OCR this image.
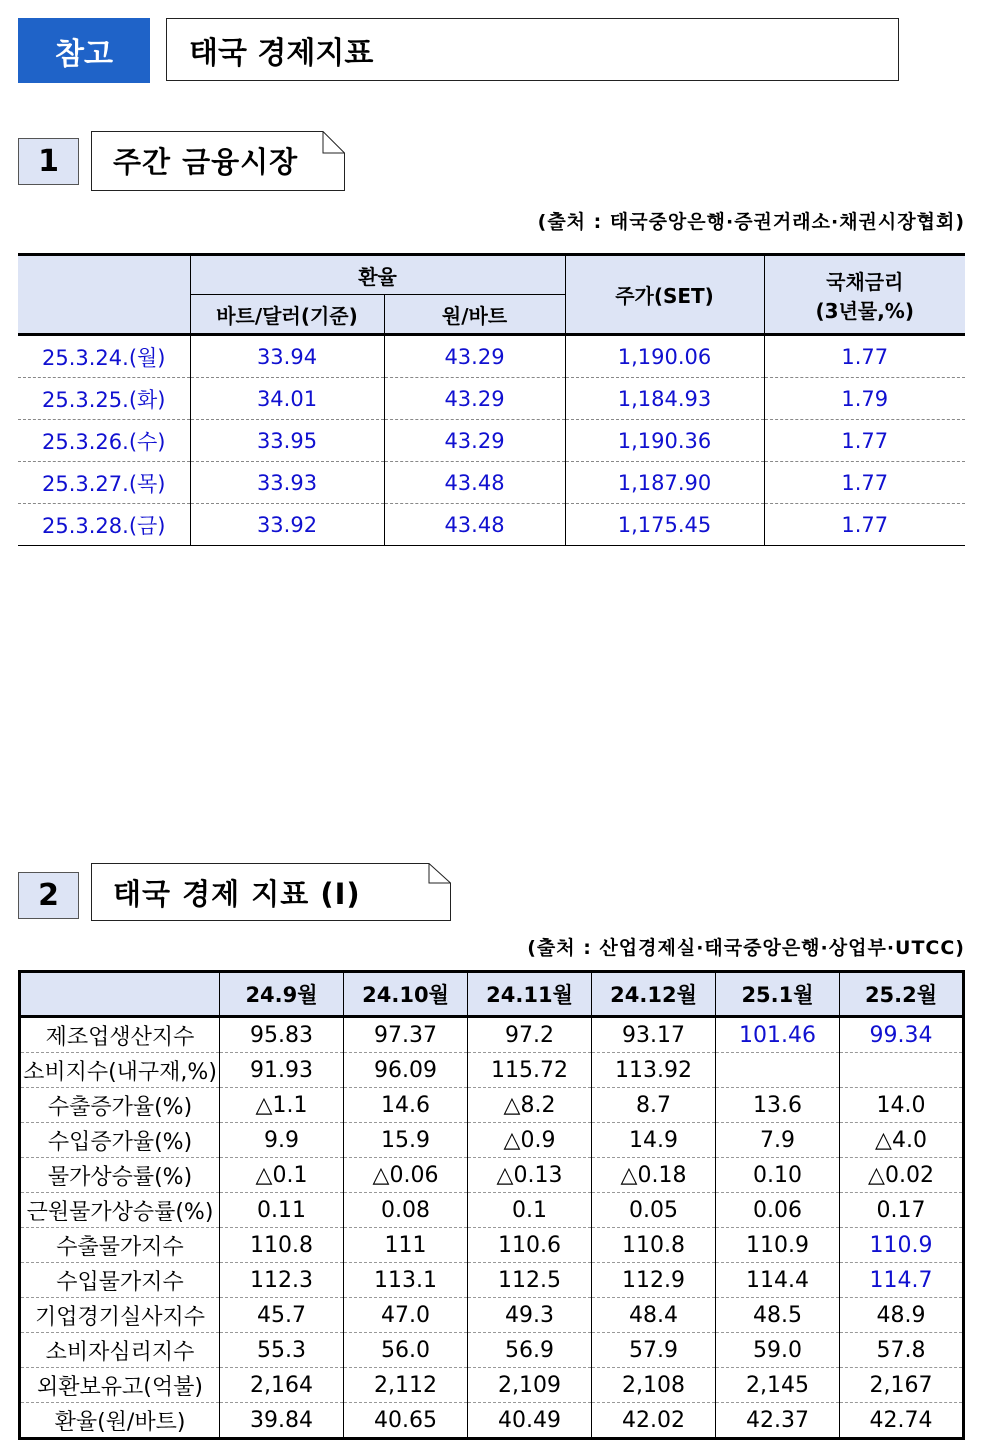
참고	태국 경제지표
1	주간 금융시장
(출처 : 태국중앙은행·증권거래소·채권시장협회)
	환율		주가(SET)	국채금리
(3년물,%)

	바트/달러(기준)	원/바트		
25.3.24.(월)	33.94	43.29	1,190.06	1.77
25.3.25.(화)	34.01	43.29	1,184.93	1.79
25.3.26.(수)	33.95	43.29	1,190.36	1.77
25.3.27.(목)	33.93	43.48	1,187.90	1.77
25.3.28.(금)	33.92	43.48	1,175.45	1.77
2	태국 경제 지표 (Ⅰ)
(출처 : 산업경제실·태국중앙은행·상업부·UTCC)
	24.9월	24.10월	24.11월	24.12월	25.1월	25.2월
제조업생산지수	95.83	97.37	97.2	93.17	101.46	99.34
소비지수(내구재,%)	91.93	96.09	115.72	113.92		
수출증가율(%)	△1.1	14.6	△8.2	8.7	13.6	14.0
수입증가율(%)	9.9	15.9	△0.9	14.9	7.9	△4.0
물가상승률(%)	△0.1	△0.06	△0.13	△0.18	0.10	△0.02
근원물가상승률(%)	0.11	0.08	0.1	0.05	0.06	0.17
수출물가지수	110.8	111	110.6	110.8	110.9	110.9
수입물가지수	112.3	113.1	112.5	112.9	114.4	114.7
기업경기실사지수	45.7	47.0	49.3	48.4	48.5	48.9
소비자심리지수	55.3	56.0	56.9	57.9	59.0	57.8
외환보유고(억불)	2,164	2,112	2,109	2,108	2,145	2,167
환율(원/바트)	39.84	40.65	40.49	42.02	42.37	42.74
